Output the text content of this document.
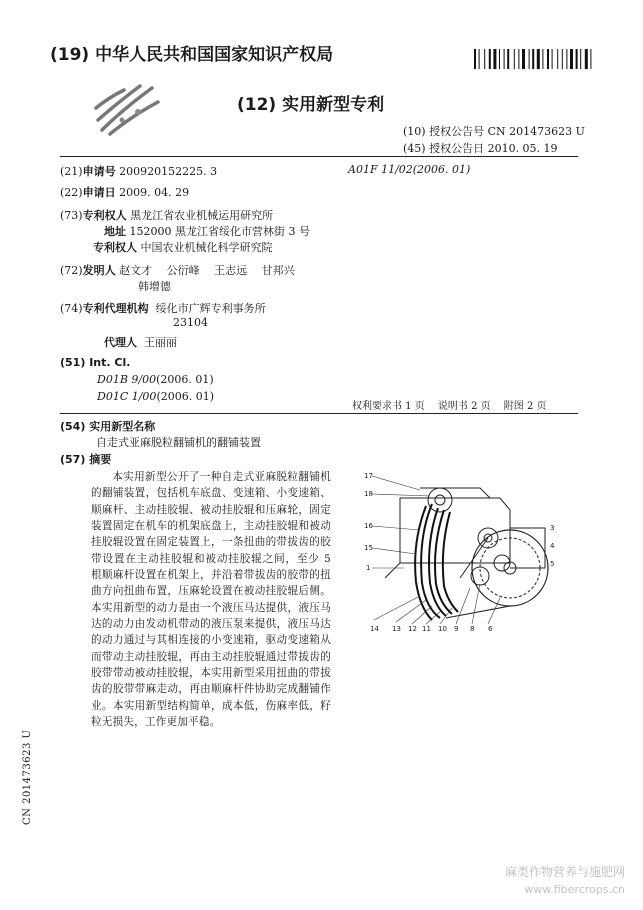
(19) 中华人民共和国国家知识产权局
(12) 实用新型专利
(10) 授权公告号 CN 201473623 U
(45) 授权公告日 2010. 05. 19
(21)申请号 200920152225. 3	A01F 11/02(2006. 01)
(22)申请日 2009. 04. 29
(73)专利权人 黑龙江省农业机械运用研究所
地址 152000 黑龙江省绥化市营林街 3 号
专利权人 中国农业机械化科学研究院
(72)发明人 赵文才　 公衍峰　 王志远　 甘邦兴
韩增德
(74)专利代理机构 绥化市广辉专利事务所
23104
代理人 王丽丽
(51) Int. Cl.
D01B 9/00(2006. 01)
D01C 1/00(2006. 01)
权利要求书 1 页　 说明书 2 页　 附图 2 页
(54) 实用新型名称
自走式亚麻脱粒翻铺机的翻铺装置
(57) 摘要
本实用新型公开了一种自走式亚麻脱粒翻铺机的翻铺装置，包括机车底盘、变速箱、小变速箱、顺麻杆、主动挂胶辊、被动挂胶辊和压麻轮，固定装置固定在机车的机架底盘上，主动挂胶辊和被动挂胶辊设置在固定装置上，一条扭曲的带拔齿的胶带设置在主动挂胶辊和被动挂胶辊之间，至少 5 根顺麻杆设置在机架上，并沿着带拔齿的胶带的扭曲方向扭曲布置，压麻轮设置在被动挂胶辊后侧。本实用新型的动力是由一个液压马达提供，液压马达的动力由发动机带动的液压泵来提供，液压马达的动力通过与其相连接的小变速箱，驱动变速箱从而带动主动挂胶辊，再由主动挂胶辊通过带拔齿的胶带带动被动挂胶辊，本实用新型采用扭曲的带拔齿的胶带带麻走动，再由顺麻杆件协助完成翻铺作业。本实用新型结构简单，成本低，伤麻率低，籽粒无损失，工作更加平稳。
17
18
16
15
1
14 13 12 11 10 9 8 6
3
4
5
CN 201473623 U
麻类作物营养与施肥网
www.fibercrops.cn
